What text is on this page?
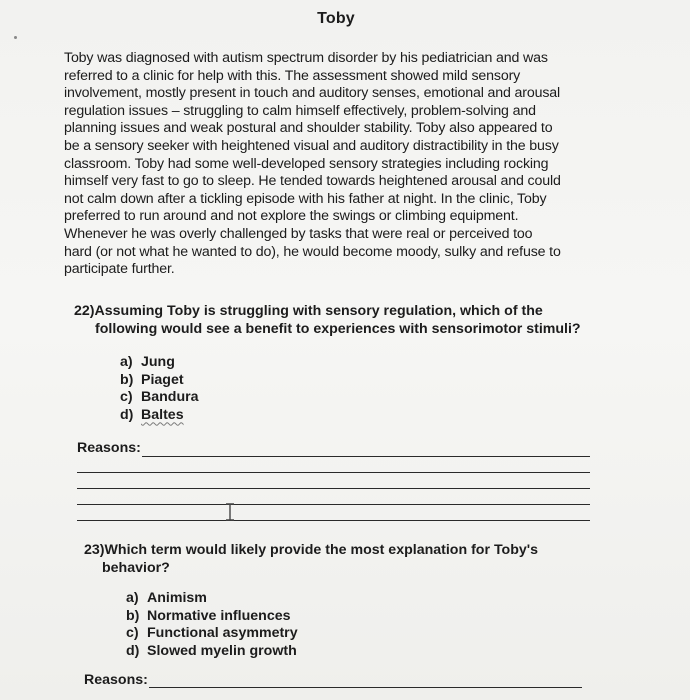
Toby
Toby was diagnosed with autism spectrum disorder by his pediatrician and was
referred to a clinic for help with this. The assessment showed mild sensory
involvement, mostly present in touch and auditory senses, emotional and arousal
regulation issues – struggling to calm himself effectively, problem-solving and
planning issues and weak postural and shoulder stability. Toby also appeared to
be a sensory seeker with heightened visual and auditory distractibility in the busy
classroom. Toby had some well-developed sensory strategies including rocking
himself very fast to go to sleep. He tended towards heightened arousal and could
not calm down after a tickling episode with his father at night. In the clinic, Toby
preferred to run around and not explore the swings or climbing equipment.
Whenever he was overly challenged by tasks that were real or perceived too
hard (or not what he wanted to do), he would become moody, sulky and refuse to
participate further.
22)Assuming Toby is struggling with sensory regulation, which of the
following would see a benefit to experiences with sensorimotor stimuli?
a) Jung
b) Piaget
c) Bandura
d) Baltes
Reasons:
23)Which term would likely provide the most explanation for Toby's
behavior?
a) Animism
b) Normative influences
c) Functional asymmetry
d) Slowed myelin growth
Reasons:
